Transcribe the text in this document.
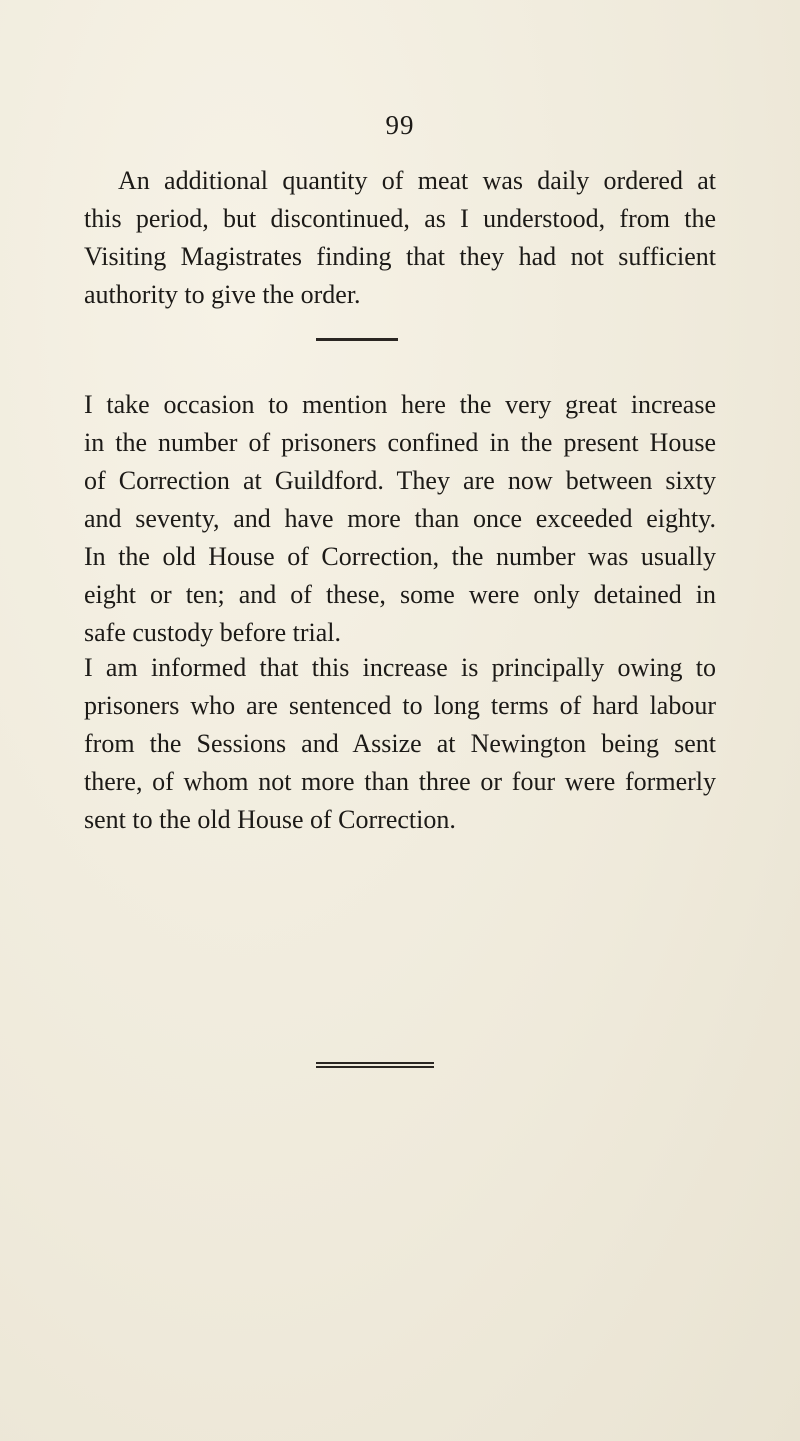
99
An additional quantity of meat was daily ordered at
this period, but discontinued, as I understood, from the
Visiting Magistrates finding that they had not sufficient
authority to give the order.
I take occasion to mention here the very great increase
in the number of prisoners confined in the present House
of Correction at Guildford. They are now between sixty
and seventy, and have more than once exceeded eighty.
In the old House of Correction, the number was usually
eight or ten; and of these, some were only detained in
safe custody before trial.
I am informed that this increase is principally owing to
prisoners who are sentenced to long terms of hard labour
from the Sessions and Assize at Newington being sent
there, of whom not more than three or four were formerly
sent to the old House of Correction.
